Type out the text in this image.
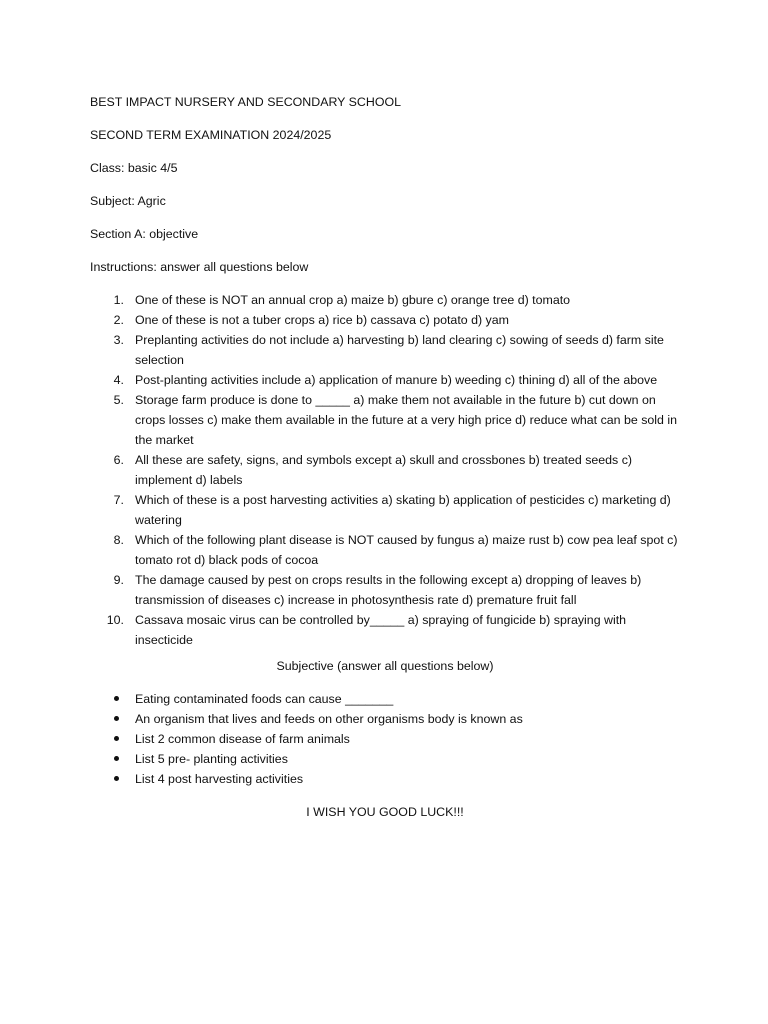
BEST IMPACT NURSERY AND SECONDARY SCHOOL

SECOND TERM EXAMINATION 2024/2025

Class: basic 4/5

Subject: Agric

Section A: objective

Instructions: answer all questions below

1. One of these is NOT an annual crop a) maize b) gbure c) orange tree d) tomato
2. One of these is not a tuber crops a) rice b) cassava c) potato d) yam
3. Preplanting activities do not include a) harvesting b) land clearing c) sowing of seeds d) farm site selection
4. Post-planting activities include a) application of manure b) weeding c) thining d) all of the above
5. Storage farm produce is done to _____ a) make them not available in the future b) cut down on crops losses c) make them available in the future at a very high price d) reduce what can be sold in the market
6. All these are safety, signs, and symbols except a) skull and crossbones b) treated seeds c) implement d) labels
7. Which of these is a post harvesting activities a) skating b) application of pesticides c) marketing d) watering
8. Which of the following plant disease is NOT caused by fungus a) maize rust b) cow pea leaf spot c) tomato rot d) black pods of cocoa
9. The damage caused by pest on crops results in the following except a) dropping of leaves b) transmission of diseases c) increase in photosynthesis rate d) premature fruit fall
10. Cassava mosaic virus can be controlled by_____ a) spraying of fungicide b) spraying with insecticide

Subjective (answer all questions below)

Eating contaminated foods can cause _______
An organism that lives and feeds on other organisms body is known as
List 2 common disease of farm animals
List 5 pre- planting activities
List 4 post harvesting activities

I WISH YOU GOOD LUCK!!!
